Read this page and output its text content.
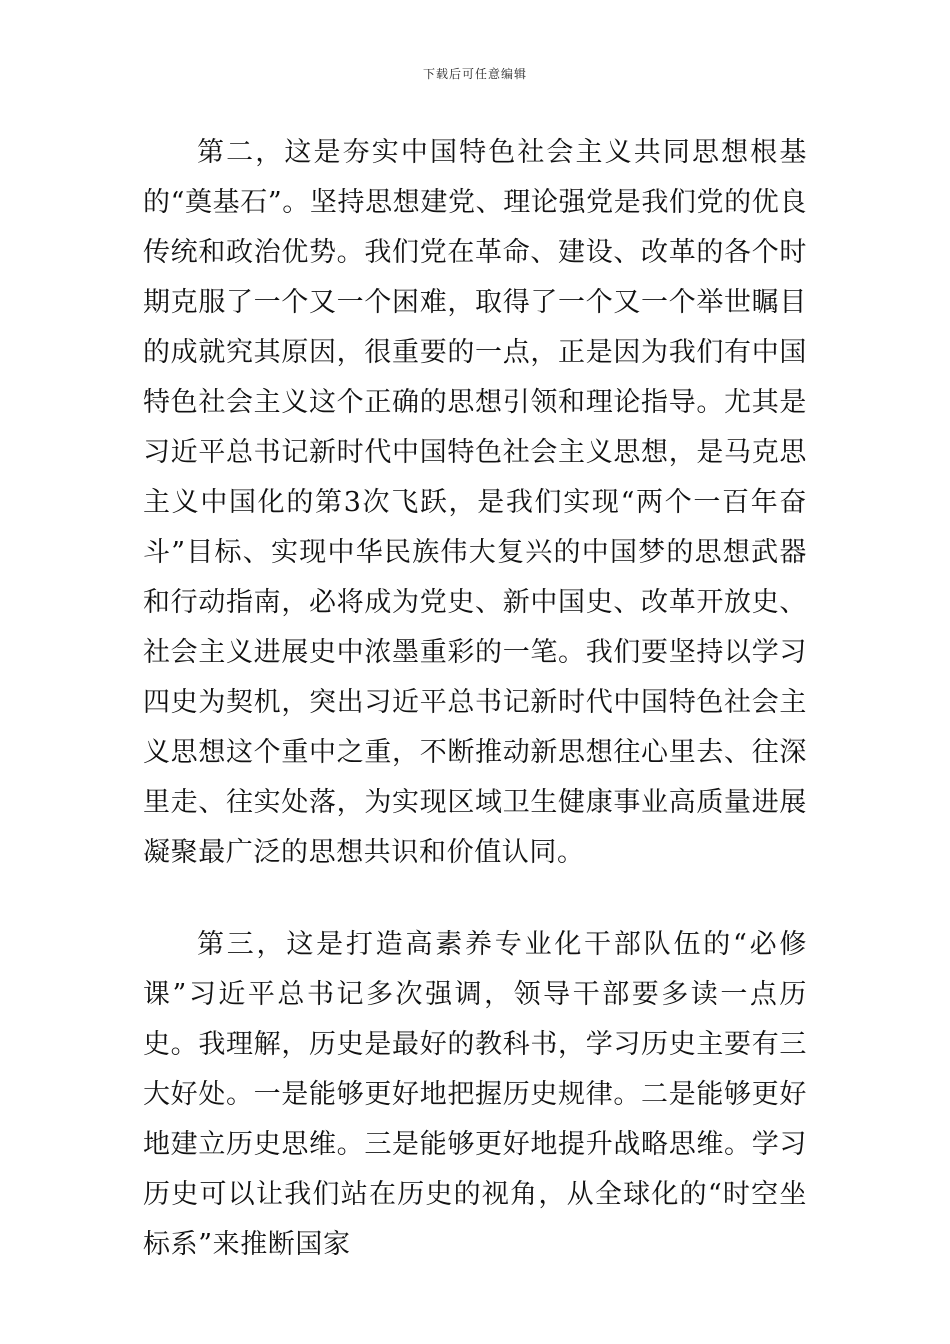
下载后可任意编辑

第二，这是夯实中国特色社会主义共同思想根基的“奠基石”。坚持思想建党、理论强党是我们党的优良传统和政治优势。我们党在革命、建设、改革的各个时期克服了一个又一个困难，取得了一个又一个举世瞩目的成就究其原因，很重要的一点，正是因为我们有中国特色社会主义这个正确的思想引领和理论指导。尤其是习近平总书记新时代中国特色社会主义思想，是马克思主义中国化的第3次飞跃，是我们实现“两个一百年奋斗”目标、实现中华民族伟大复兴的中国梦的思想武器和行动指南，必将成为党史、新中国史、改革开放史、社会主义进展史中浓墨重彩的一笔。我们要坚持以学习四史为契机，突出习近平总书记新时代中国特色社会主义思想这个重中之重，不断推动新思想往心里去、往深里走、往实处落，为实现区域卫生健康事业高质量进展凝聚最广泛的思想共识和价值认同。

第三，这是打造高素养专业化干部队伍的“必修课”习近平总书记多次强调，领导干部要多读一点历史。我理解，历史是最好的教科书，学习历史主要有三大好处。一是能够更好地把握历史规律。二是能够更好地建立历史思维。三是能够更好地提升战略思维。学习历史可以让我们站在历史的视角，从全球化的“时空坐标系”来推断国家
